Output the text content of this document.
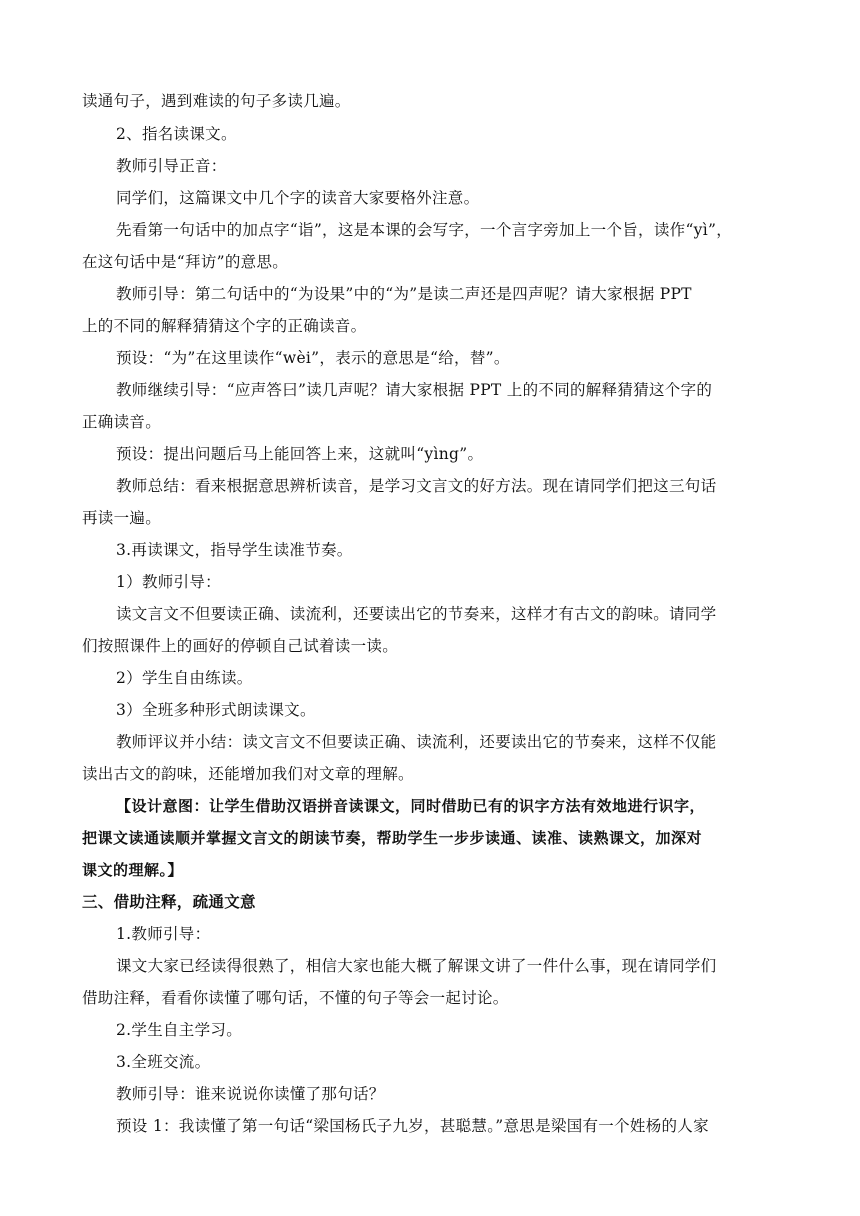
读通句子，遇到难读的句子多读几遍。
2、指名读课文。
教师引导正音：
同学们，这篇课文中几个字的读音大家要格外注意。
先看第一句话中的加点字“诣”，这是本课的会写字，一个言字旁加上一个旨，读作“yì”，
在这句话中是“拜访”的意思。
教师引导：第二句话中的“为设果”中的“为”是读二声还是四声呢？请大家根据 PPT
上的不同的解释猜猜这个字的正确读音。
预设：“为”在这里读作“wèi”，表示的意思是“给，替”。
教师继续引导：“应声答曰”读几声呢？请大家根据 PPT 上的不同的解释猜猜这个字的
正确读音。
预设：提出问题后马上能回答上来，这就叫“yìng”。
教师总结：看来根据意思辨析读音，是学习文言文的好方法。现在请同学们把这三句话
再读一遍。
3.再读课文，指导学生读准节奏。
1）教师引导：
读文言文不但要读正确、读流利，还要读出它的节奏来，这样才有古文的韵味。请同学
们按照课件上的画好的停顿自己试着读一读。
2）学生自由练读。
3）全班多种形式朗读课文。
教师评议并小结：读文言文不但要读正确、读流利，还要读出它的节奏来，这样不仅能
读出古文的韵味，还能增加我们对文章的理解。
【设计意图：让学生借助汉语拼音读课文，同时借助已有的识字方法有效地进行识字，
把课文读通读顺并掌握文言文的朗读节奏，帮助学生一步步读通、读准、读熟课文，加深对
课文的理解。】
三、借助注释，疏通文意
1.教师引导：
课文大家已经读得很熟了，相信大家也能大概了解课文讲了一件什么事，现在请同学们
借助注释，看看你读懂了哪句话，不懂的句子等会一起讨论。
2.学生自主学习。
3.全班交流。
教师引导：谁来说说你读懂了那句话？
预设 1：我读懂了第一句话“梁国杨氏子九岁，甚聪慧。”意思是梁国有一个姓杨的人家
